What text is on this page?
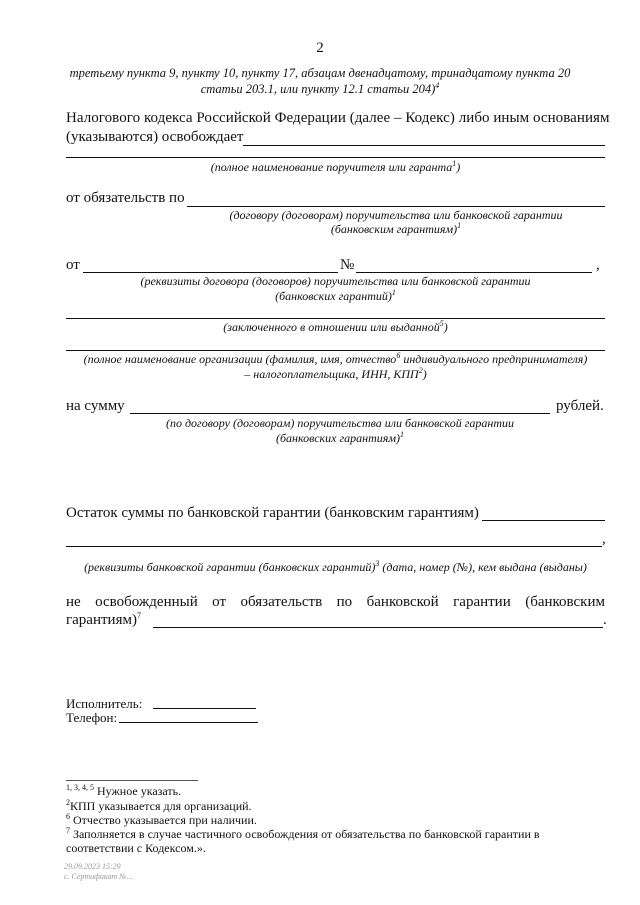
2
третьему пункта 9, пункту 10, пункту 17, абзацам двенадцатому, тринадцатому пункта 20
статьи 203.1, или пункту 12.1 статьи 204)$^4$
Налогового кодекса Российской Федерации (далее – Кодекс) либо иным основаниям
(указываются) освобождает
(полное наименование поручителя или гаранта$^1$)
от обязательств по
(договору (договорам) поручительства или банковской гарантии
(банковским гарантиям)$^1$
от	№	,
(реквизиты договора (договоров) поручительства или банковской гарантии
(банковских гарантий)$^1$
(заключенного в отношении или выданной$^5$)
(полное наименование организации (фамилия, имя, отчество$^6$ индивидуального предпринимателя)
– налогоплательщика, ИНН, КПП$^2$)
на сумму	рублей.
(по договору (договорам) поручительства или банковской гарантии
(банковских гарантиям)$^1$
Остаток суммы по банковской гарантии (банковским гарантиям)
,
(реквизиты банковской гарантии (банковских гарантий)$^3$ (дата, номер (№), кем выдана (выданы)
не освобожденный от обязательств по банковской гарантии (банковским
гарантиям)$^7$	.
Исполнитель:
Телефон:
$^{1, 3, 4, 5}$ Нужное указать.
$^2$КПП указывается для организаций.
$^6$ Отчество указывается при наличии.
$^7$ Заполняется в случае частичного освобождения от обязательства по банковской гарантии в
соответствии с Кодексом.».
29.09.2023 15:29
с. Сертификат №...
